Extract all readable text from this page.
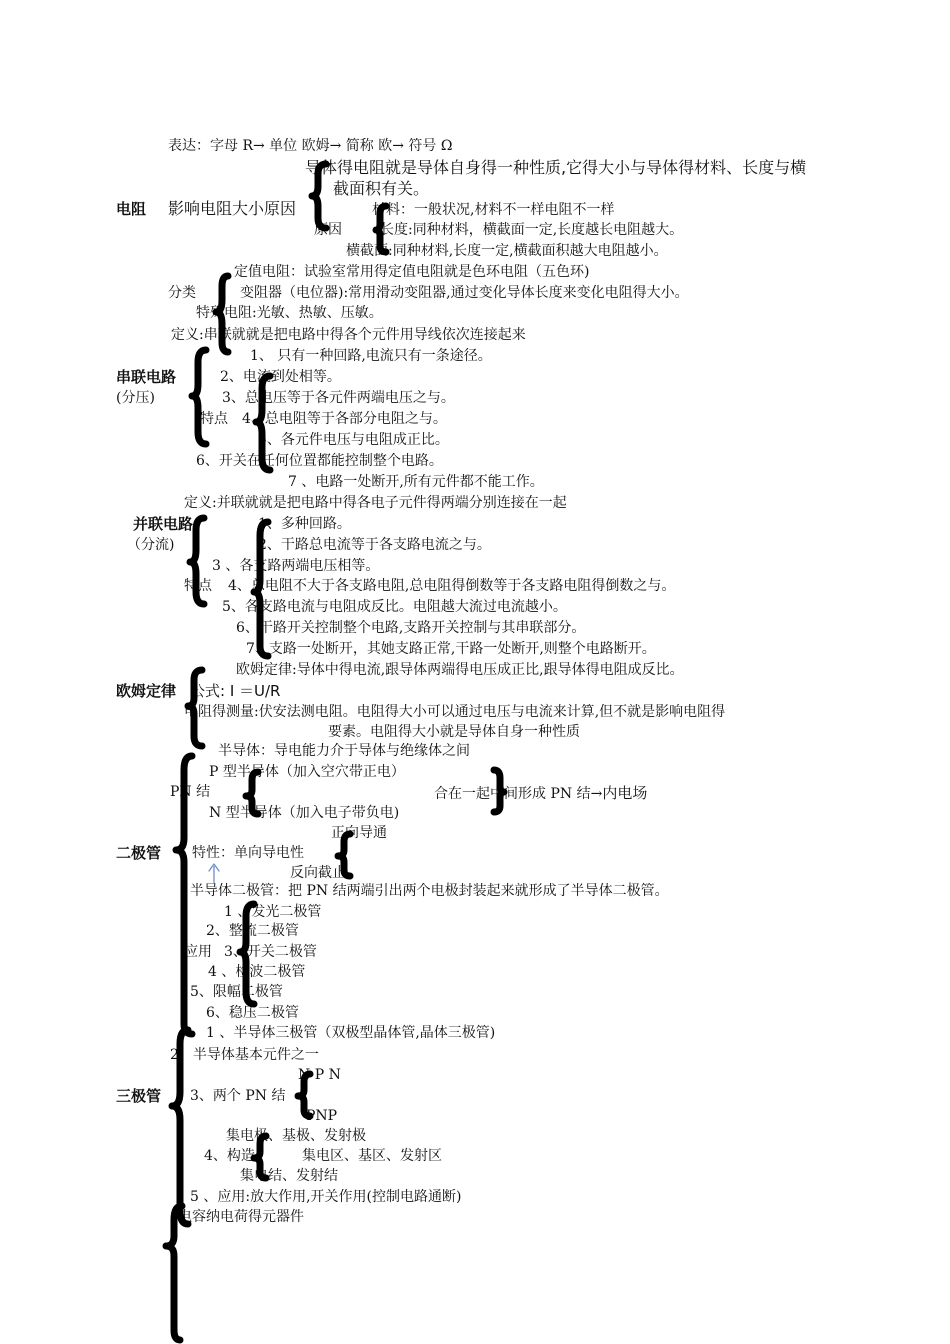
表达：字母 R→ 单位 欧姆→ 简称 欧→ 符号 Ω
导体得电阻就是导体自身得一种性质,它得大小与导体得材料、长度与横
截面积有关。
电阻 影响电阻大小原因	材料：一般状况,材料不一样电阻不一样
原因	长度:同种材料，横截面一定,长度越长电阻越大。
横截面:同种材料,长度一定,横截面积越大电阻越小。
定值电阻：试验室常用得定值电阻就是色环电阻（五色环)
分类	变阻器（电位器):常用滑动变阻器,通过变化导体长度来变化电阻得大小。
特殊电阻:光敏、热敏、压敏。
定义:串联就就是把电路中得各个元件用导线依次连接起来
1、 只有一种回路,电流只有一条途径。
串联电路	2、电流到处相等。
(分压)	3、总电压等于各元件两端电压之与。
特点 4、总电阻等于各部分电阻之与。
5、各元件电压与电阻成正比。
6、开关在任何位置都能控制整个电路。
7 、电路一处断开,所有元件都不能工作。
定义:并联就就是把电路中得各电子元件得两端分别连接在一起
并联电路	1、多种回路。
（分流)	2、干路总电流等于各支路电流之与。
3 、各支路两端电压相等。
特点 4、总电阻不大于各支路电阻,总电阻得倒数等于各支路电阻得倒数之与。
5、各支路电流与电阻成反比。电阻越大流过电流越小。
6、干路开关控制整个电路,支路开关控制与其串联部分。
7、支路一处断开，其她支路正常,干路一处断开,则整个电路断开。
欧姆定律:导体中得电流,跟导体两端得电压成正比,跟导体得电阻成反比。
欧姆定律 公式: I ＝U/R
电阻得测量:伏安法测电阻。电阻得大小可以通过电压与电流来计算,但不就是影响电阻得
要素。电阻得大小就是导体自身一种性质
半导体：导电能力介于导体与绝缘体之间
P 型半导体（加入空穴带正电）
PN 结	合在一起中间形成 PN 结→内电场
N 型半导体（加入电子带负电)
正向导通
二极管 特性：单向导电性
反向截止
半导体二极管：把 PN 结两端引出两个电极封装起来就形成了半导体二极管。
1 、发光二极管
2、整流二极管
应用 3、开关二极管
4 、检波二极管
5、限幅二极管
6、稳压二极管
1 、半导体三极管（双极型晶体管,晶体三极管)
2、半导体基本元件之一
N P N
三极管 3、两个 PN 结
PNP
集电极、基极、发射极
4、构造	集电区、基区、发射区
集电结、发射结
5 、应用:放大作用,开关作用(控制电路通断)
电容纳电荷得元器件
